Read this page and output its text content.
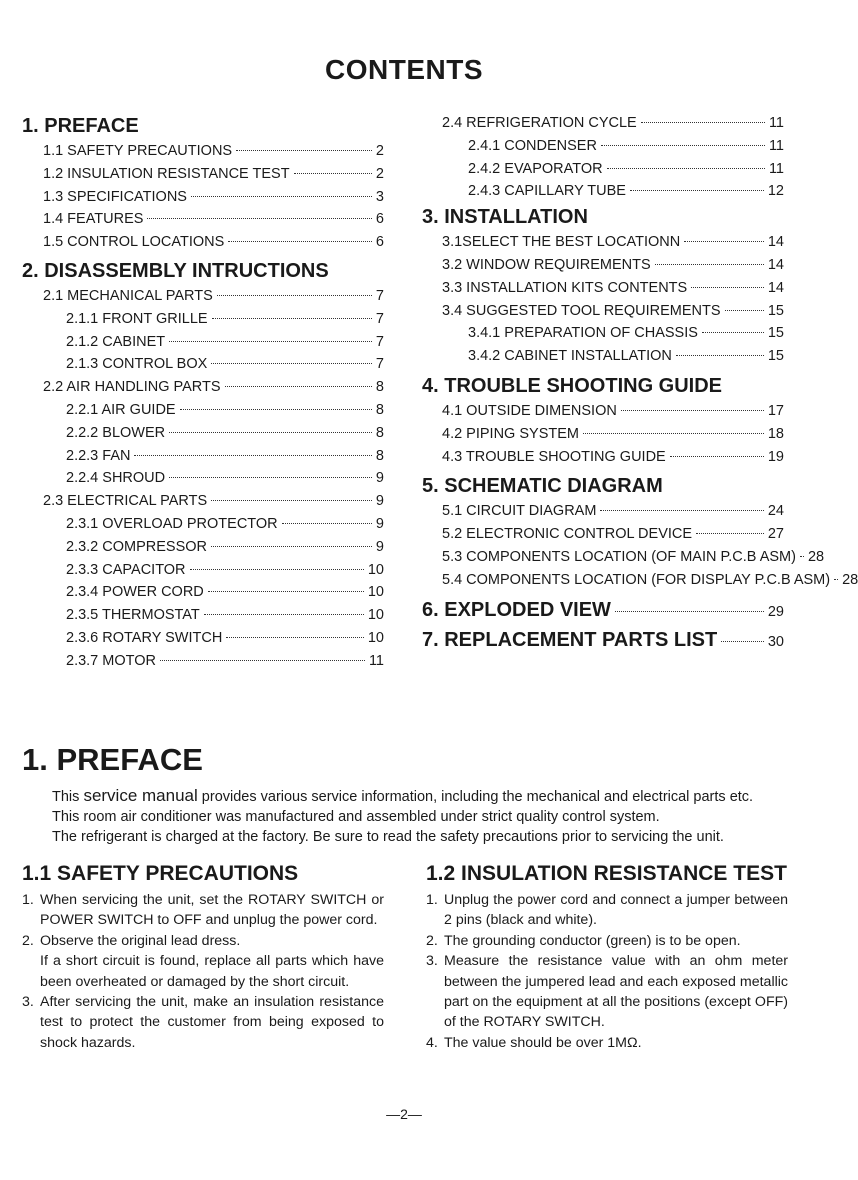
CONTENTS
1. PREFACE
1.1 SAFETY PRECAUTIONS	2
1.2 INSULATION RESISTANCE TEST	2
1.3 SPECIFICATIONS	3
1.4 FEATURES	6
1.5 CONTROL LOCATIONS	6
2. DISASSEMBLY INTRUCTIONS
2.1 MECHANICAL PARTS	7
2.1.1 FRONT GRILLE	7
2.1.2 CABINET	7
2.1.3 CONTROL BOX	7
2.2 AIR HANDLING PARTS	8
2.2.1 AIR GUIDE	8
2.2.2 BLOWER	8
2.2.3 FAN	8
2.2.4 SHROUD	9
2.3 ELECTRICAL PARTS	9
2.3.1 OVERLOAD PROTECTOR	9
2.3.2 COMPRESSOR	9
2.3.3 CAPACITOR	10
2.3.4 POWER CORD	10
2.3.5 THERMOSTAT	10
2.3.6 ROTARY SWITCH	10
2.3.7 MOTOR	11
2.4 REFRIGERATION CYCLE	11
2.4.1 CONDENSER	11
2.4.2 EVAPORATOR	11
2.4.3 CAPILLARY TUBE	12
3. INSTALLATION
3.1SELECT THE BEST LOCATIONN	14
3.2 WINDOW REQUIREMENTS	14
3.3 INSTALLATION KITS CONTENTS	14
3.4 SUGGESTED TOOL REQUIREMENTS	15
3.4.1 PREPARATION OF CHASSIS	15
3.4.2 CABINET INSTALLATION	15
4. TROUBLE SHOOTING GUIDE
4.1 OUTSIDE DIMENSION	17
4.2 PIPING SYSTEM	18
4.3 TROUBLE SHOOTING GUIDE	19
5. SCHEMATIC DIAGRAM
5.1 CIRCUIT DIAGRAM	24
5.2 ELECTRONIC CONTROL DEVICE	27
5.3 COMPONENTS LOCATION (OF MAIN P.C.B ASM) 28
5.4 COMPONENTS LOCATION (FOR DISPLAY P.C.B ASM) 28
6. EXPLODED VIEW	29
7. REPLACEMENT PARTS LIST	30
1. PREFACE
This service manual provides various service information, including the mechanical and electrical parts etc.
This room air conditioner was manufactured and assembled under strict quality control system.
The refrigerant is charged at the factory. Be sure to read the safety precautions prior to servicing the unit.
1.1 SAFETY PRECAUTIONS	1.2 INSULATION RESISTANCE TEST
1. When servicing the unit, set the ROTARY SWITCH or POWER SWITCH to OFF and unplug the power cord.
2. Observe the original lead dress.
If a short circuit is found, replace all parts which have been overheated or damaged by the short circuit.
3. After servicing the unit, make an insulation resistance test to protect the customer from being exposed to shock hazards.
1. Unplug the power cord and connect a jumper between 2 pins (black and white).
2. The grounding conductor (green) is to be open.
3. Measure the resistance value with an ohm meter between the jumpered lead and each exposed metallic part on the equipment at all the positions (except OFF) of the ROTARY SWITCH.
4. The value should be over 1MΩ.
—2—
